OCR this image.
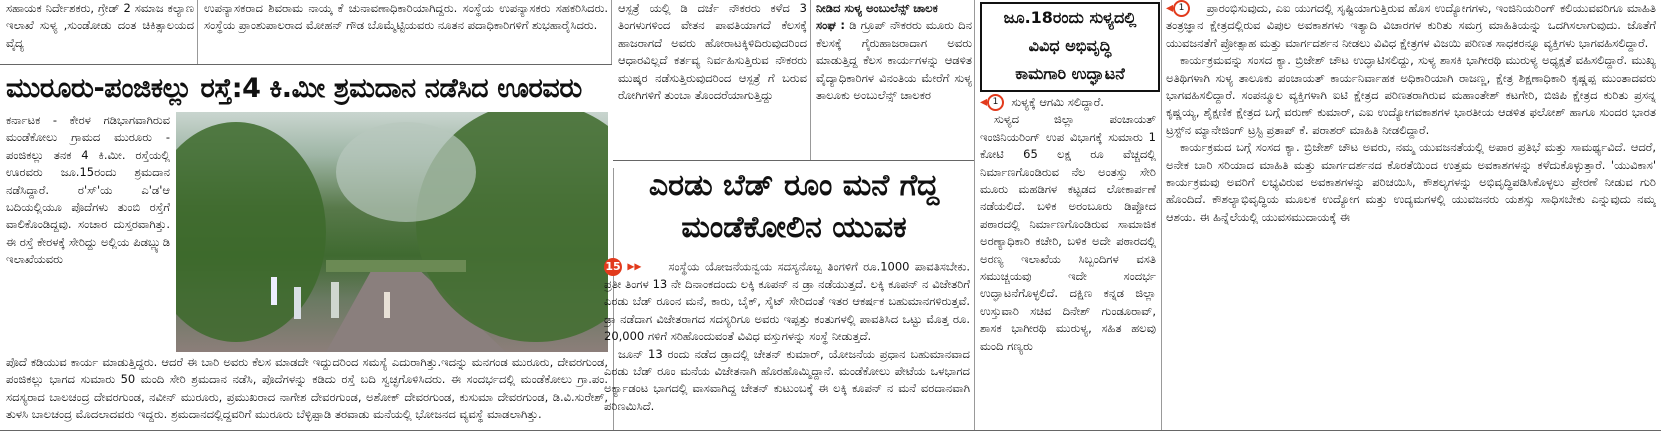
ಸಹಾಯಕ ನಿರ್ದೇಶಕರು, ಗ್ರೇಡ್ 2 ಸಮಾಜ ಕಲ್ಯಾಣ ಇಲಾಖೆ ಸುಳ್ಯ ,ಸುಂಡೋಡು ದಂತ ಚಿಕಿತ್ಸಾಲಯದ ವೈದ್ಯ
ಉಪನ್ಯಾಸಕರಾದ ಶಿವರಾಮ ನಾಯ್ಕ ಕೆ ಚುನಾವಣಾಧಿಕಾರಿಯಾಗಿದ್ದರು. ಸಂಸ್ಥೆಯ ಉಪನ್ಯಾಸಕರು ಸಹಕರಿಸಿದರು. ಸಂಸ್ಥೆಯ ಪ್ರಾಂಶುಪಾಲರಾದ ಮೋಹನ್ ಗೌಡ ಬೊಮ್ಮೆಟ್ಟಿಯವರು ನೂತನ ಪದಾಧಿಕಾರಿಗಳಿಗೆ ಶುಭಹಾರೈಸಿದರು.
ಮುರೂರು-ಪಂಜಿಕಲ್ಲು ರಸ್ತೆ:4 ಕಿ.ಮೀ ಶ್ರಮದಾನ ನಡೆಸಿದ ಊರವರು
ಕರ್ನಾಟಕ - ಕೇರಳ ಗಡಿಭಾಗವಾಗಿರುವ ಮಂಡೆಕೋಲು ಗ್ರಾಮದ ಮುರೂರು - ಪಂಜಿಕಲ್ಲು ತನಕ 4 ಕಿ.ಮೀ. ರಸ್ತೆಯಲ್ಲಿ ಊರವರು ಜೂ.15ರಂದು ಶ್ರಮದಾನ ನಡೆಸಿದ್ದಾರೆ. ರ'ಸ್'ಯ ಎ'ಡ'ಆ ಬದಿಯಲ್ಲಿಯೂ ಪೊದೆಗಳು ತುಂಬಿ ರಸ್ತೆಗೆ ವಾಲಿಕೊಂಡಿದ್ದವು. ಸಂಚಾರ ದುಸ್ತರವಾಗಿತ್ತು. ಈ ರಸ್ತೆ ಕೇರಳಕ್ಕೆ ಸೇರಿದ್ದು ಅಲ್ಲಿಯ ಪಿಡಬ್ಲ್ಯುಡಿ ಇಲಾಖೆಯವರು
ಪೊದೆ ಕಡಿಯುವ ಕಾರ್ಯ ಮಾಡುತ್ತಿದ್ದರು. ಆದರೆ ಈ ಬಾರಿ ಅವರು ಕೆಲಸ ಮಾಡದೇ ಇದ್ದುದರಿಂದ ಸಮಸ್ಯೆ ಎದುರಾಗಿತ್ತು.ಇದನ್ನು ಮನಗಂಡ ಮುರೂರು, ದೇವರಗುಂಡ, ಪಂಜಿಕಲ್ಲು ಭಾಗದ ಸುಮಾರು 50 ಮಂದಿ ಸೇರಿ ಶ್ರಮದಾನ ನಡೆಸಿ, ಪೊದೆಗಳನ್ನು ಕಡಿದು ರಸ್ತೆ ಬದಿ ಸ್ವಚ್ಛಗೊಳಿಸಿದರು. ಈ ಸಂದರ್ಭದಲ್ಲಿ ಮಂಡೆಕೋಲು ಗ್ರಾ.ಪಂ. ಸದಸ್ಯರಾದ ಬಾಲಚಂದ್ರ ದೇವರಗುಂಡ, ನವೀನ್ ಮುರೂರು, ಪ್ರಮುಖರಾದ ನಾಗೇಶ ದೇವರಗುಂಡ, ಅಶೋಕ್ ದೇವರಗುಂಡ, ಕುಸುಮಾ ದೇವರಗುಂಡ, ಡಿ.ವಿ.ಸುರೇಶ್, ತುಳಸಿ ಬಾಲಚಂದ್ರ ಮೊದಲಾದವರು ಇದ್ದರು. ಶ್ರಮದಾನದಲ್ಲಿದ್ದವರಿಗೆ ಮುರೂರು ಬೆಳ್ಳಿಪ್ಪಾಡಿ ತರವಾಡು ಮನೆಯಲ್ಲಿ ಭೋಜನದ ವ್ಯವಸ್ಥೆ ಮಾಡಲಾಗಿತ್ತು.
ಆಸ್ಪತ್ರೆ ಯಲ್ಲಿ ಡಿ ದರ್ಜೆ ನೌಕರರು ಕಳೆದ 3 ತಿಂಗಳುಗಳಿಂದ ವೇತನ ಪಾವತಿಯಾಗದೆ ಕೆಲಸಕ್ಕೆ ಹಾಜರಾಗದೆ ಅವರು ಹೋರಾಟಕ್ಕಿಳಿದಿರುವುದರಿಂದ ಆಧಾರವಿಲ್ಲದೆ ಕರ್ತವ್ಯ ನಿರ್ವಹಿಸುತ್ತಿರುವ ನೌಕರರು ಮುಷ್ಕರ ನಡೆಸುತ್ತಿರುವುದರಿಂದ ಆಸ್ಪತ್ರೆ ಗೆ ಬರುವ ರೋಗಿಗಳಿಗೆ ತುಂಬಾ ತೊಂದರೆಯಾಗುತ್ತಿದ್ದು
ನೀಡಿದ ಸುಳ್ಯ ಅಂಬುಲೆನ್ಸ್ ಚಾಲಕ
ಸಂಘ : ಡಿ ಗ್ರೂಪ್ ನೌಕರರು ಮೂರು ದಿನ ಕೆಲಸಕ್ಕೆ ಗೈರುಹಾಜರಾದಾಗ ಅವರು ಮಾಡುತ್ತಿದ್ದ ಕೆಲಸ ಕಾರ್ಯಗಳನ್ನು ಆಡಳಿತ ವೈದ್ಯಾಧಿಕಾರಿಗಳ ವಿನಂತಿಯ ಮೇರೆಗೆ ಸುಳ್ಯ ತಾಲೂಕು ಅಂಬುಲೆನ್ಸ್ ಚಾಲಕರ
ಎರಡು ಬೆಡ್ ರೂಂ ಮನೆ ಗೆದ್ದ
ಮಂಡೆಕೋಲಿನ ಯುವಕ

15 ▸▸ ಸಂಸ್ಥೆಯ ಯೋಜನೆಯನ್ವಯ ಸದಸ್ಯನೊಬ್ಬ ತಿಂಗಳಿಗೆ ರೂ.1000 ಪಾವತಿಸಬೇಕು. ಪ್ರತೀ ತಿಂಗಳ 13 ನೇ ದಿನಾಂಕದಂದು ಲಕ್ಕಿ ಕೂಪನ್ ನ ಡ್ರಾ ನಡೆಯುತ್ತದೆ. ಲಕ್ಕಿ ಕೂಪನ್ ನ ವಿಜೇತರಿಗೆ ಎರಡು ಬೆಡ್ ರೂಂನ ಮನೆ, ಕಾರು, ಬೈಕ್, ಸೈಟ್ ಸೇರಿದಂತೆ ಇತರ ಆಕರ್ಷಕ ಬಹುಮಾನಗಳಿರುತ್ತವೆ. ಡ್ರಾ ನಡೆದಾಗ ವಿಜೇತರಾಗದ ಸದಸ್ಯರಿಗೂ ಅವರು ಇಪ್ಪತ್ತು ಕಂತುಗಳಲ್ಲಿ ಪಾವತಿಸಿದ ಒಟ್ಟು ಮೊತ್ತ ರೂ. 20,000 ಗಳಿಗೆ ಸರಿಹೊಂದುವಂತೆ ವಿವಿಧ ವಸ್ತುಗಳನ್ನು ಸಂಸ್ಥೆ ನೀಡುತ್ತದೆ.

ಜೂನ್ 13 ರಂದು ನಡೆದ ಡ್ರಾದಲ್ಲಿ ಚೇತನ್ ಕುಮಾರ್, ಯೋಜನೆಯ ಪ್ರಧಾನ ಬಹುಮಾನವಾದ ಎರಡು ಬೆಡ್ ರೂಂ ಮನೆಯ ವಿಜೇತನಾಗಿ ಹೊರಹೊಮ್ಮಿದ್ದಾನೆ. ಮಂಡೆಕೋಲು ಪೇಟೆಯ ಒಳಭಾಗದ ಅರ್ಕ್ಯಾಡಂಟ ಭಾಗದಲ್ಲಿ ವಾಸವಾಗಿದ್ದ ಚೇತನ್ ಕುಟುಂಬಕ್ಕೆ ಈ ಲಕ್ಕಿ ಕೂಪನ್ ನ ಮನೆ ವರದಾನವಾಗಿ ಪರಿಣಮಿಸಿದೆ.

ಜೂ.18ರಂದು ಸುಳ್ಯದಲ್ಲಿ
ವಿವಿಧ ಅಭಿವೃದ್ಧಿ
ಕಾಮಗಾರಿ ಉದ್ಘಾಟನೆ

◂ 1 ಸುಳ್ಯಕ್ಕೆ ಆಗಮಿ ಸಲಿದ್ದಾರೆ.

ಸುಳ್ಯದ ಜಿಲ್ಲಾ ಪಂಚಾಯತ್ ಇಂಜಿನಿಯರಿಂಗ್ ಉಪ ವಿಭಾಗಕ್ಕೆ ಸುಮಾರು 1 ಕೋಟಿ 65 ಲಕ್ಷ ರೂ ವೆಚ್ಚದಲ್ಲಿ ನಿರ್ಮಾಣಗೊಂಡಿರುವ ನೆಲ ಅಂತಸ್ತು ಸೇರಿ ಮೂರು ಮಹಡಿಗಳ ಕಟ್ಟಡದ ಲೋಕಾರ್ಪಣೆ ನಡೆಯಲಿದೆ. ಬಳಿಕ ಅರಂಬೂರು ಡಿಪ್ಪೋದ ಪಠಾರದಲ್ಲಿ ನಿರ್ಮಾಣಗೊಂಡಿರುವ ಸಾಮಾಜಿಕ ಅರಣ್ಯಾಧಿಕಾರಿ ಕಚೇರಿ, ಬಳಿಕ ಅದೇ ಪಠಾರದಲ್ಲಿ ಅರಣ್ಯ ಇಲಾಖೆಯ ಸಿಬ್ಬಂದಿಗಳ ವಸತಿ ಸಮುಚ್ಚಯವು ಇದೇ ಸಂದರ್ಭ ಉದ್ಘಾಟನೆಗೊಳ್ಳಲಿದೆ. ದಕ್ಷಿಣ ಕನ್ನಡ ಜಿಲ್ಲಾ ಉಸ್ತುವಾರಿ ಸಚಿವ ದಿನೇಶ್ ಗುಂಡೂರಾವ್, ಶಾಸಕ ಭಾಗೀರಥಿ ಮುರುಳ್ಯ, ಸಹಿತ ಹಲವು ಮಂದಿ ಗಣ್ಯರು

◂ 1 ಪ್ರಾರಂಭಿಸುವುದು, ಎಐ ಯುಗದಲ್ಲಿ ಸೃಷ್ಟಿಯಾಗುತ್ತಿರುವ ಹೊಸ ಉದ್ಯೋಗಗಳು, ಇಂಜಿನಿಯರಿಂಗ್ ಕಲಿಯುವವರಿಗೂ ಮಾಹಿತಿ ತಂತ್ರಜ್ಞಾನ ಕ್ಷೇತ್ರದಲ್ಲಿರುವ ವಿಪುಲ ಅವಕಾಶಗಳು ಇತ್ಯಾದಿ ವಿಚಾರಗಳ ಕುರಿತು ಸಮಗ್ರ ಮಾಹಿತಿಯನ್ನು ಒದಗಿಸಲಾಗುವುದು. ಜೊತೆಗೆ ಯುವಜನತೆಗೆ ಪ್ರೋತ್ಸಾಹ ಮತ್ತು ಮಾರ್ಗದರ್ಶನ ನೀಡಲು ವಿವಿಧ ಕ್ಷೇತ್ರಗಳ ವಿಜಯಿ ಪರಿಣತ ಸಾಧಕರನ್ನೂ ವ್ಯಕ್ತಿಗಳು ಭಾಗವಹಿಸಲಿದ್ದಾರೆ.

ಕಾರ್ಯಕ್ರಮವನ್ನು ಸಂಸದ ಕ್ಯಾ. ಬ್ರಿಜೇಶ್ ಚೌಟ ಉದ್ಘಾಟಿಸಲಿದ್ದು, ಸುಳ್ಯ ಶಾಸಕಿ ಭಾಗೀರಥಿ ಮುರುಳ್ಯ ಅಧ್ಯಕ್ಷತೆ ವಹಿಸಲಿದ್ದಾರೆ. ಮುಖ್ಯ ಅತಿಥಿಗಳಾಗಿ ಸುಳ್ಯ ತಾಲೂಕು ಪಂಚಾಯತ್ ಕಾರ್ಯನಿರ್ವಾಹಕ ಅಧಿಕಾರಿಯಾಗಿ ರಾಜಣ್ಣ, ಕ್ಷೇತ್ರ ಶಿಕ್ಷಣಾಧಿಕಾರಿ ಕೃಷ್ಣಪ್ಪ ಮುಂತಾದವರು ಭಾಗವಹಿಸಲಿದ್ದಾರೆ. ಸಂಪನ್ಮೂಲ ವ್ಯಕ್ತಿಗಳಾಗಿ ಐಟಿ ಕ್ಷೇತ್ರದ ಪರಿಣತರಾಗಿರುವ ಮಹಾಂತೇಶ್ ಕಟಗೇರಿ, ಬಿಜಿಪಿ ಕ್ಷೇತ್ರದ ಕುರಿತು ಪ್ರಸನ್ನ ಕೃಷ್ಣಯ್ಯ, ಶೈಕ್ಷಣಿಕ ಕ್ಷೇತ್ರದ ಬಗ್ಗೆ ವರುಣ್ ಕುಮಾರ್, ಎಐ ಉದ್ಯೋಗವಕಾಶಗಳ ಭಾರತೀಯ ಆಡಳಿತ ಫಲೋಶ್ ಹಾಗೂ ಸುಂದರ ಭಾರತ ಟ್ರಸ್ಟ್‌ನ ಮ್ಯಾನೇಜಿಂಗ್ ಟ್ರಸ್ಟಿ ಪ್ರತಾಪ್ ಕೆ. ಪರಾಶರ್ ಮಾಹಿತಿ ನೀಡಲಿದ್ದಾರೆ.

ಕಾರ್ಯಕ್ರಮದ ಬಗ್ಗೆ ಸಂಸದ ಕ್ಯಾ. ಬ್ರಿಜೇಶ್ ಚೌಟ ಅವರು, ನಮ್ಮ ಯುವಜನತೆಯಲ್ಲಿ ಅಪಾರ ಪ್ರತಿಭೆ ಮತ್ತು ಸಾಮರ್ಥ್ಯವಿದೆ. ಆದರೆ, ಅನೇಕ ಬಾರಿ ಸರಿಯಾದ ಮಾಹಿತಿ ಮತ್ತು ಮಾರ್ಗದರ್ಶನದ ಕೊರತೆಯಿಂದ ಉತ್ತಮ ಅವಕಾಶಗಳನ್ನು ಕಳೆದುಕೊಳ್ಳುತ್ತಾರೆ. 'ಯುವಿಕಾಸ' ಕಾರ್ಯಕ್ರಮವು ಅವರಿಗೆ ಲಭ್ಯವಿರುವ ಅವಕಾಶಗಳನ್ನು ಪರಿಚಯಿಸಿ, ಕೌಶಲ್ಯಗಳನ್ನು ಅಭಿವೃದ್ಧಿಪಡಿಸಿಕೊಳ್ಳಲು ಪ್ರೇರಣೆ ನೀಡುವ ಗುರಿ ಹೊಂದಿದೆ. ಕೌಶಲ್ಯಾಭಿವೃದ್ಧಿಯ ಮೂಲಕ ಉದ್ಯೋಗ ಮತ್ತು ಉದ್ಯಮಗಳಲ್ಲಿ ಯುವಜನರು ಯಶಸ್ಸು ಸಾಧಿಸಬೇಕು ಎನ್ನುವುದು ನಮ್ಮ ಆಶಯ. ಈ ಹಿನ್ನೆಲೆಯಲ್ಲಿ ಯುವಸಮುದಾಯಕ್ಕೆ ಈ
